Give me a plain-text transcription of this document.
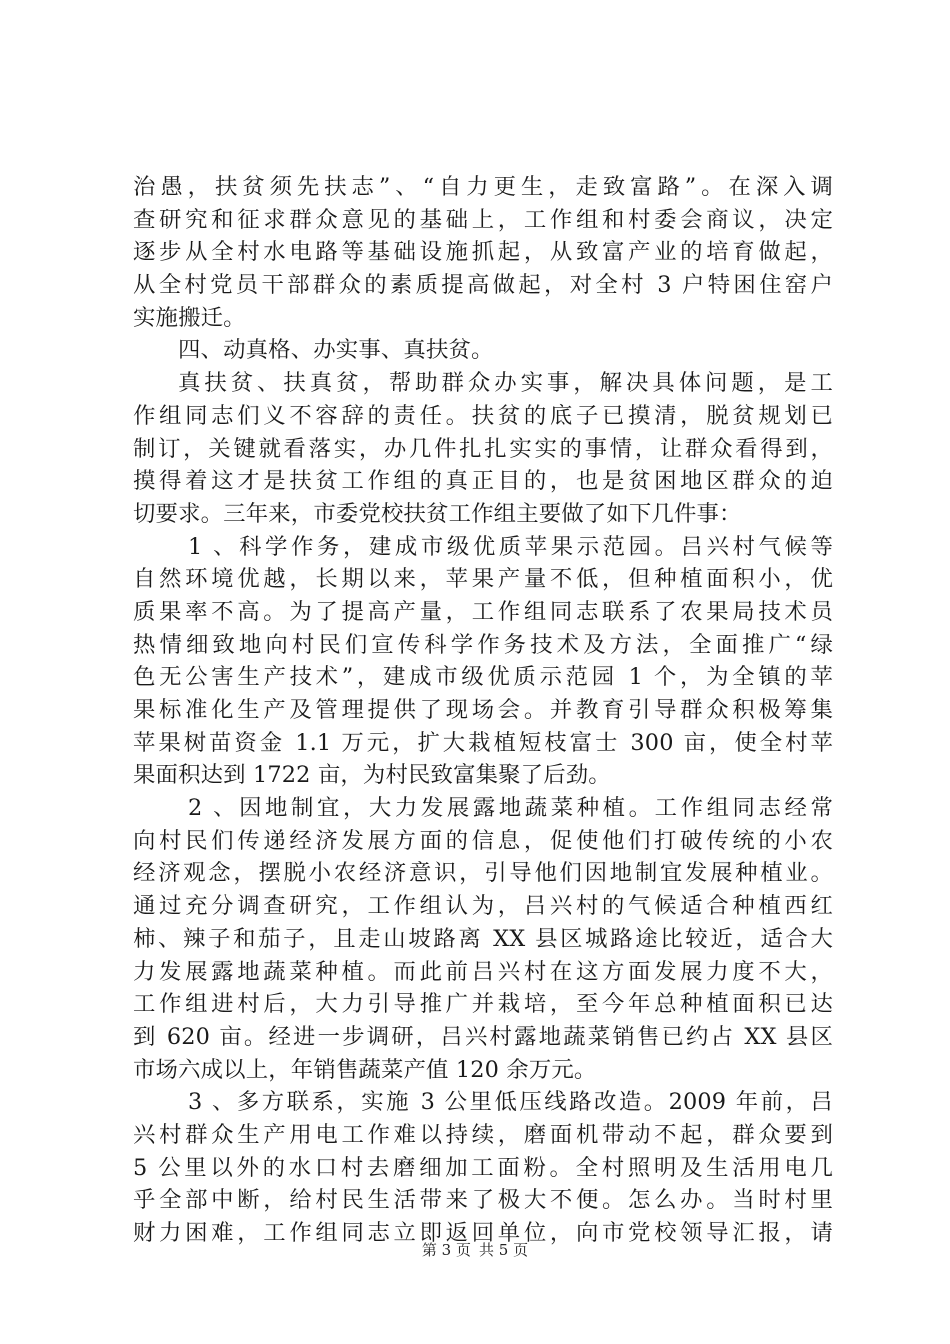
治愚，扶贫须先扶志”、“自力更生，走致富路”。在深入调
查研究和征求群众意见的基础上，工作组和村委会商议，决定
逐步从全村水电路等基础设施抓起，从致富产业的培育做起，
从全村党员干部群众的素质提高做起，对全村 3 户特困住窑户
实施搬迁。
四、动真格、办实事、真扶贫。
真扶贫、扶真贫，帮助群众办实事，解决具体问题，是工
作组同志们义不容辞的责任。扶贫的底子已摸清，脱贫规划已
制订，关键就看落实，办几件扎扎实实的事情，让群众看得到，
摸得着这才是扶贫工作组的真正目的，也是贫困地区群众的迫
切要求。三年来，市委党校扶贫工作组主要做了如下几件事：
1 、科学作务，建成市级优质苹果示范园。吕兴村气候等
自然环境优越，长期以来，苹果产量不低，但种植面积小，优
质果率不高。为了提高产量，工作组同志联系了农果局技术员
热情细致地向村民们宣传科学作务技术及方法，全面推广“绿
色无公害生产技术”，建成市级优质示范园 1 个，为全镇的苹
果标准化生产及管理提供了现场会。并教育引导群众积极筹集
苹果树苗资金 1.1 万元，扩大栽植短枝富士 300 亩，使全村苹
果面积达到 1722 亩，为村民致富集聚了后劲。
2 、因地制宜，大力发展露地蔬菜种植。工作组同志经常
向村民们传递经济发展方面的信息，促使他们打破传统的小农
经济观念，摆脱小农经济意识，引导他们因地制宜发展种植业。
通过充分调查研究，工作组认为，吕兴村的气候适合种植西红
柿、辣子和茄子，且走山坡路离 XX 县区城路途比较近，适合大
力发展露地蔬菜种植。而此前吕兴村在这方面发展力度不大，
工作组进村后，大力引导推广并栽培，至今年总种植面积已达
到 620 亩。经进一步调研，吕兴村露地蔬菜销售已约占 XX 县区
市场六成以上，年销售蔬菜产值 120 余万元。
3 、多方联系，实施 3 公里低压线路改造。2009 年前，吕
兴村群众生产用电工作难以持续，磨面机带动不起，群众要到
5 公里以外的水口村去磨细加工面粉。全村照明及生活用电几
乎全部中断，给村民生活带来了极大不便。怎么办。当时村里
财力困难，工作组同志立即返回单位，向市党校领导汇报，请
第 3 页 共 5 页
